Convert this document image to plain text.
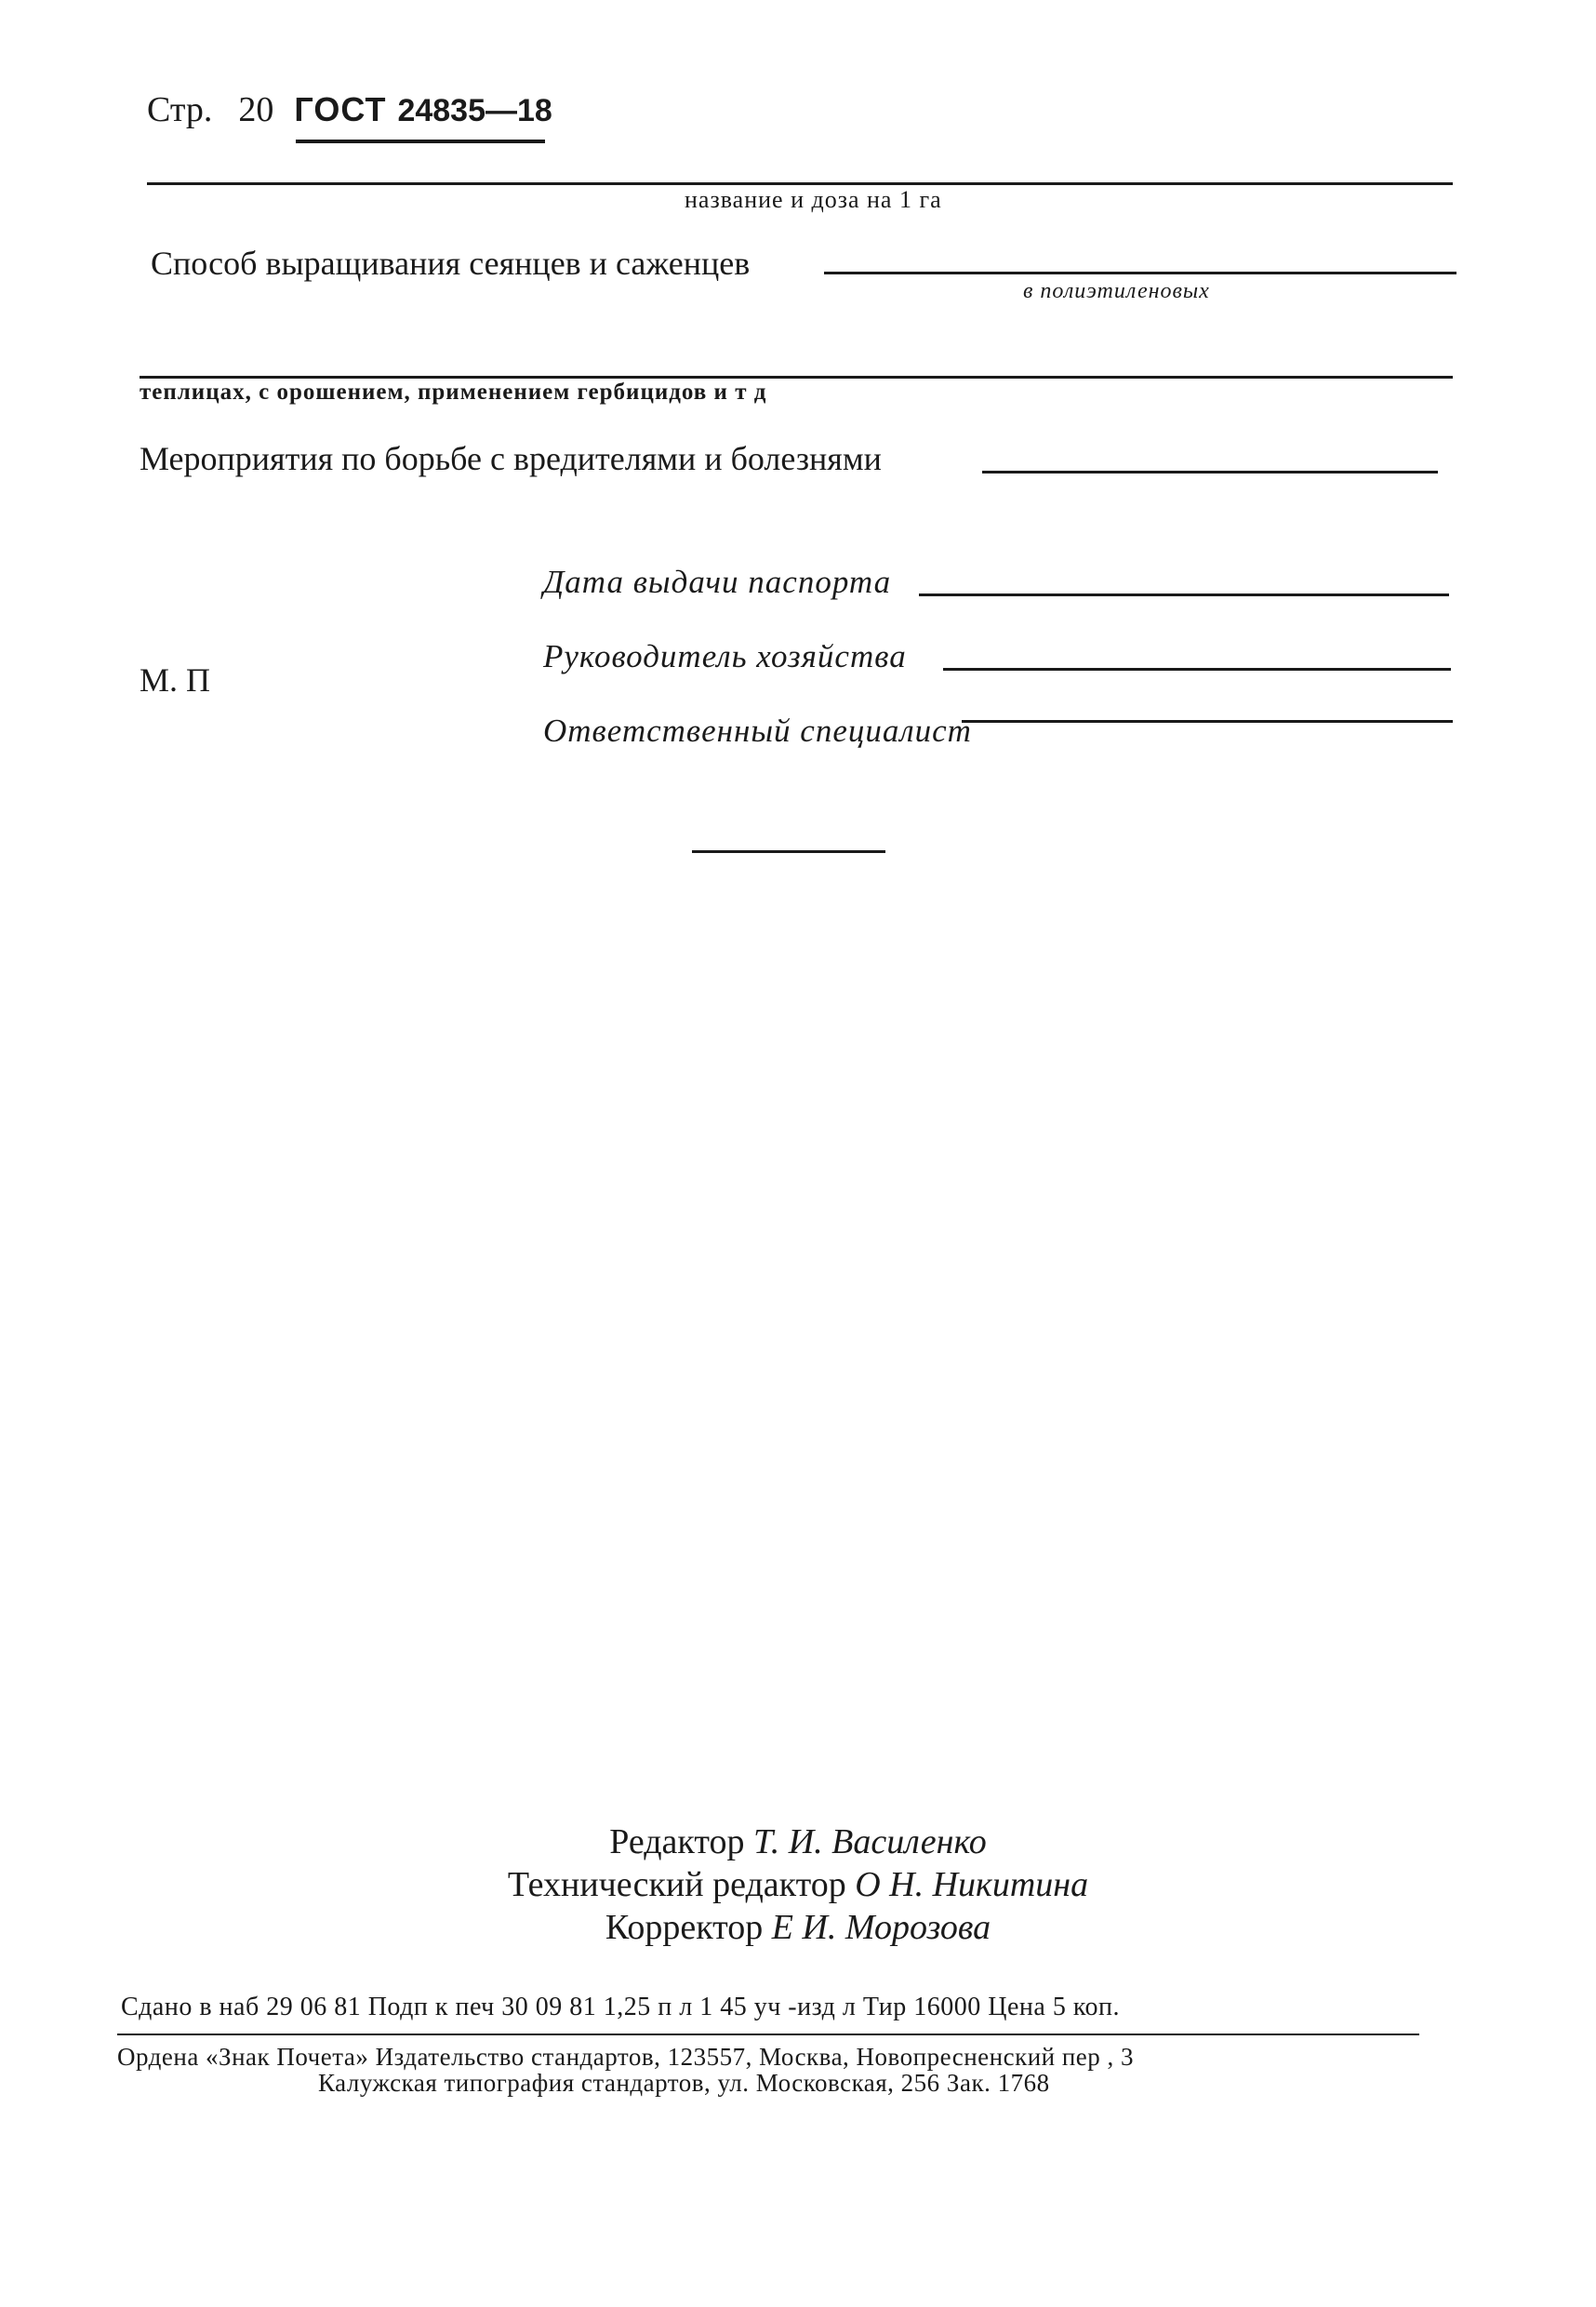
Стр. 20 ГОСТ 24835—18
название и доза на 1 га
Способ выращивания сеянцев и саженцев
в полиэтиленовых
теплицах, с орошением, применением гербицидов и т д
Мероприятия по борьбе с вредителями и болезнями
Дата выдачи паспорта
Руководитель хозяйства
М. П
Ответственный специалист
Редактор Т. И. Василенко
Технический редактор О Н. Никитина
Корректор Е И. Морозова
Сдано в наб 29 06 81 Подп к печ 30 09 81 1,25 п л 1 45 уч -изд л Тир 16000 Цена 5 коп.
Ордена «Знак Почета» Издательство стандартов, 123557, Москва, Новопресненский пер , 3
Калужская типография стандартов, ул. Московская, 256 Зак. 1768
